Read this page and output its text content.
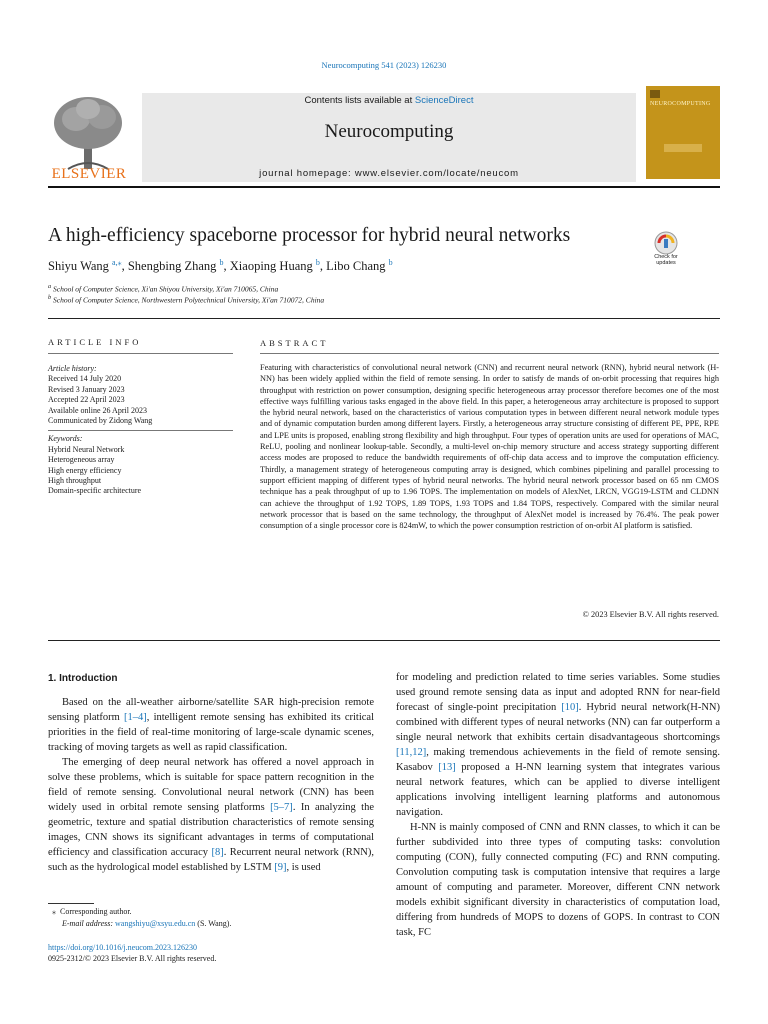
Neurocomputing 541 (2023) 126230
ELSEVIER
Contents lists available at ScienceDirect
Neurocomputing
journal homepage: www.elsevier.com/locate/neucom
NEUROCOMPUTING
A high-efficiency spaceborne processor for hybrid neural networks
Check for updates
Shiyu Wang $^{a,⁎}$, Shengbing Zhang $^b$, Xiaoping Huang $^b$, Libo Chang $^b$
$^a$ School of Computer Science, Xi'an Shiyou University, Xi'an 710065, China
$^b$ School of Computer Science, Northwestern Polytechnical University, Xi'an 710072, China
ARTICLE INFO
Article history:
Received 14 July 2020
Revised 3 January 2023
Accepted 22 April 2023
Available online 26 April 2023
Communicated by Zidong Wang
Keywords:
Hybrid Neural Network
Heterogeneous array
High energy efficiency
High throughput
Domain-specific architecture
ABSTRACT
Featuring with characteristics of convolutional neural network (CNN) and recurrent neural network (RNN), hybrid neural network (H-NN) has been widely applied within the field of remote sensing. In order to satisfy de mands of on-orbit processing that requires high throughput with restriction on power consumption, designing specific heterogeneous array processor therefore becomes one of the most effective ways fulfilling various tasks engaged in the above field. In this paper, a heterogeneous array architecture is proposed to support the hybrid neural network, based on the characteristics of various computation types in between different neural network module types and of dynamic computation burden among different layers. Firstly, a heterogeneous array structure consisting of different PE, PPE, RPE and LPE units is proposed, enabling strong flexibility and high throughput. Four types of operation units are used for operations of MAC, ReLU, pooling and nonlinear lookup-table. Secondly, a multi-level on-chip memory structure and access strategy supporting different access modes are proposed to reduce the bandwidth requirements of off-chip data access and to improve the computation efficiency. Thirdly, a management strategy of heterogeneous computing array is designed, which combines pipelining and parallel processing to support efficient mapping of different types of hybrid neural networks. The hybrid neural network processor based on 65 nm CMOS technique has a peak throughput of up to 1.96 TOPS. The implementation on models of AlexNet, LRCN, VGG19-LSTM and CLDNN can achieve the throughput of 1.92 TOPS, 1.89 TOPS, 1.93 TOPS and 1.84 TOPS, respectively. Compared with the similar neural network processor that is based on the same technology, the throughput of AlexNet model is increased by 76.4%. The peak power consumption of a single processor core is 824mW, to which the power consumption restriction of on-orbit AI platform is satisfied.
© 2023 Elsevier B.V. All rights reserved.
1. Introduction

Based on the all-weather airborne/satellite SAR high-precision remote sensing platform [1–4], intelligent remote sensing has exhibited its critical priorities in the field of real-time monitoring of large-scale dynamic scenes, tracking of moving targets as well as rapid classification.

The emerging of deep neural network has offered a novel approach in solve these problems, which is suitable for space pattern recognition in the field of remote sensing. Convolutional neural network (CNN) has been widely used in orbital remote sensing platforms [5–7]. In analyzing the geometric, texture and spatial distribution characteristics of remote sensing images, CNN shows its significant advantages in terms of computational efficiency and classification accuracy [8]. Recurrent neural network (RNN), such as the hydrological model established by LSTM [9], is used

for modeling and prediction related to time series variables. Some studies used ground remote sensing data as input and adopted RNN for near-field forecast of single-point precipitation [10]. Hybrid neural network(H-NN) combined with different types of neural networks (NN) can far outperform a single neural network that exhibits certain disadvantageous shortcomings [11,12], making tremendous achievements in the field of remote sensing. Kasabov [13] proposed a H-NN learning system that integrates various neural network features, which can be applied to diverse intelligent applications involving intelligent learning platforms and autonomous navigation.

H-NN is mainly composed of CNN and RNN classes, to which it can be further subdivided into three types of computing tasks: convolution computing (CON), fully connected computing (FC) and RNN computing. Convolution computing task is computation intensive that requires a large amount of computing and parameter. Moreover, different CNN network models exhibit significant diversity in characteristics of computation load, differing from hundreds of MOPS to dozens of GOPS. In contrast to CON task, FC

⁎ Corresponding author.
E-mail address: wangshiyu@xsyu.edu.cn (S. Wang).
https://doi.org/10.1016/j.neucom.2023.126230
0925-2312/© 2023 Elsevier B.V. All rights reserved.
